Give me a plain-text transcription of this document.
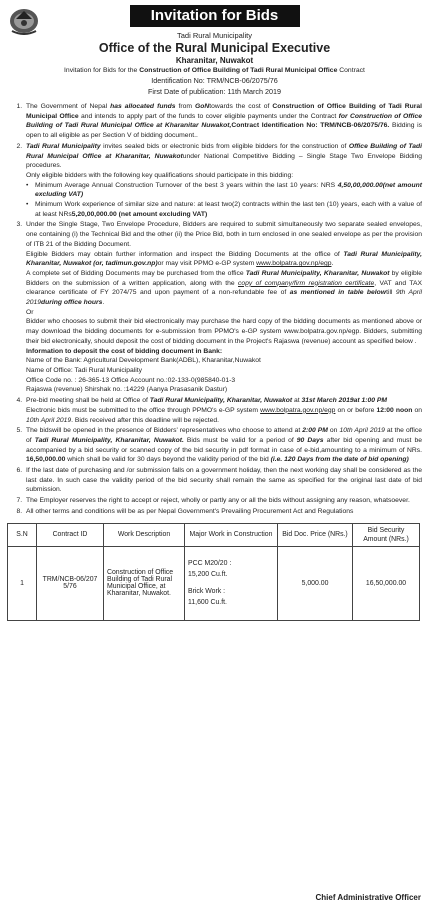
Invitation for Bids
Tadi Rural Municipality
Office of the Rural Municipal Executive
Kharanitar, Nuwakot
Invitation for Bids for the Construction of Office Building of Tadi Rural Municipal Office Contract
Identification No: TRM/NCB-06/2075/76
First Date of publication: 11th March 2019
1. The Government of Nepal has allocated funds from GoNtowards the cost of Construction of Office Building of Tadi Rural Municipal Office and intends to apply part of the funds to cover eligible payments under the Contract for Construction of Office Building of Tadi Rural Municipal Office at Kharanitar Nuwakot,Contract Identification No: TRM/NCB-06/2075/76. Bidding is open to all eligible as per Section V of bidding document..

2. Tadi Rural Municipality invites sealed bids or electronic bids from eligible bidders for the construction of Office Building of Tadi Rural Municipal Office at Kharanitar, Nuwakotunder National Competitive Bidding – Single Stage Two Envelope Bidding procedures.

Only eligible bidders with the following key qualifications should participate in this bidding:

• Minimum Average Annual Construction Turnover of the best 3 years within the last 10 years: NRS 4,50,00,000.00(net amount excluding VAT)
• Minimum Work experience of similar size and nature: at least two(2) contracts within the last ten (10) years, each with a value of at least NRs5,20,00,000.00 (net amount excluding VAT)

3. Under the Single Stage, Two Envelope Procedure, Bidders are required to submit simultaneously two separate sealed envelopes, one containing (i) the Technical Bid and the other (ii) the Price Bid, both in turn enclosed in one sealed envelope as per the provision of ITB 21 of the Bidding Document.

Eligible Bidders may obtain further information and inspect the Bidding Documents at the office of Tadi Rural Municipality, Kharanitar, Nuwakot (or, tadimun.gov.np)or may visit PPMO e-GP system www.bolpatra.gov.np/egp.

A complete set of Bidding Documents may be purchased from the office Tadi Rural Municipality, Kharanitar, Nuwakot by eligible Bidders on the submission of a written application, along with the copy of company/firm registration certificate, VAT and TAX clearance certificate of FY 2074/75 and upon payment of a non-refundable fee of as mentioned in table belowtill 9th April 2019during office hours.

Or

Bidder who chooses to submit their bid electronically may purchase the hard copy of the bidding documents as mentioned above or may download the bidding documents for e-submission from PPMO's e-GP system www.bolpatra.gov.np/egp. Bidders, submitting their bid electronically, should deposit the cost of bidding document in the Project's Rajaswa (revenue) account as specified below .

Information to deposit the cost of bidding document in Bank:

Name of the Bank: Agricultural Development Bank(ADBL), Kharanitar,Nuwakot

Name of Office: Tadi Rural Municipality

Office Code no. : 26-365-13 Office Account no.:02-133-0(985840-01-3

Rajaswa (revenue) Shirshak no. :14229 (Aanya Prasasanik Dastur)

4. Pre-bid meeting shall be held at Office of Tadi Rural Municipality, Kharanitar, Nuwakot at 31st March 2019at 1:00 PM

Electronic bids must be submitted to the office through PPMO's e-GP system www.bolpatra.gov.np/egp on or before 12:00 noon on 10th April 2019. Bids received after this deadline will be rejected.

5. The bidswill be opened in the presence of Bidders' representatives who choose to attend at 2:00 PM on 10th April 2019 at the office of Tadi Rural Municipality, Kharanitar, Nuwakot. Bids must be valid for a period of 90 Days after bid opening and must be accompanied by a bid security or scanned copy of the bid security in pdf format in case of e-bid,amounting to a minimum of NRs. 16,50,000.00 which shall be valid for 30 days beyond the validity period of the bid (i.e. 120 Days from the date of bid opening)
6. If the last date of purchasing and /or submission falls on a government holiday, then the next working day shall be considered as the last date. In such case the validity period of the bid security shall remain the same as specified for the original last date of bid submission.
7. The Employer reserves the right to accept or reject, wholly or partly any or all the bids without assigning any reason, whatsoever.
8. All other terms and conditions will be as per Nepal Government's Prevailing Procurement Act and Regulations
S.N	Contract ID	Work Description	Major Work in Construction	Bid Doc. Price (NRs.)	Bid Security Amount (NRs.)
1	TRM/NCB-06/2075/76	Construction of Office Building of Tadi Rural Municipal Office, at Kharanitar, Nuwakot.	PCC M20/20 :
15,200 Cu.ft.
Brick Work :
11,600 Cu.ft.	5,000.00	16,50,000.00
Chief Administrative Officer
